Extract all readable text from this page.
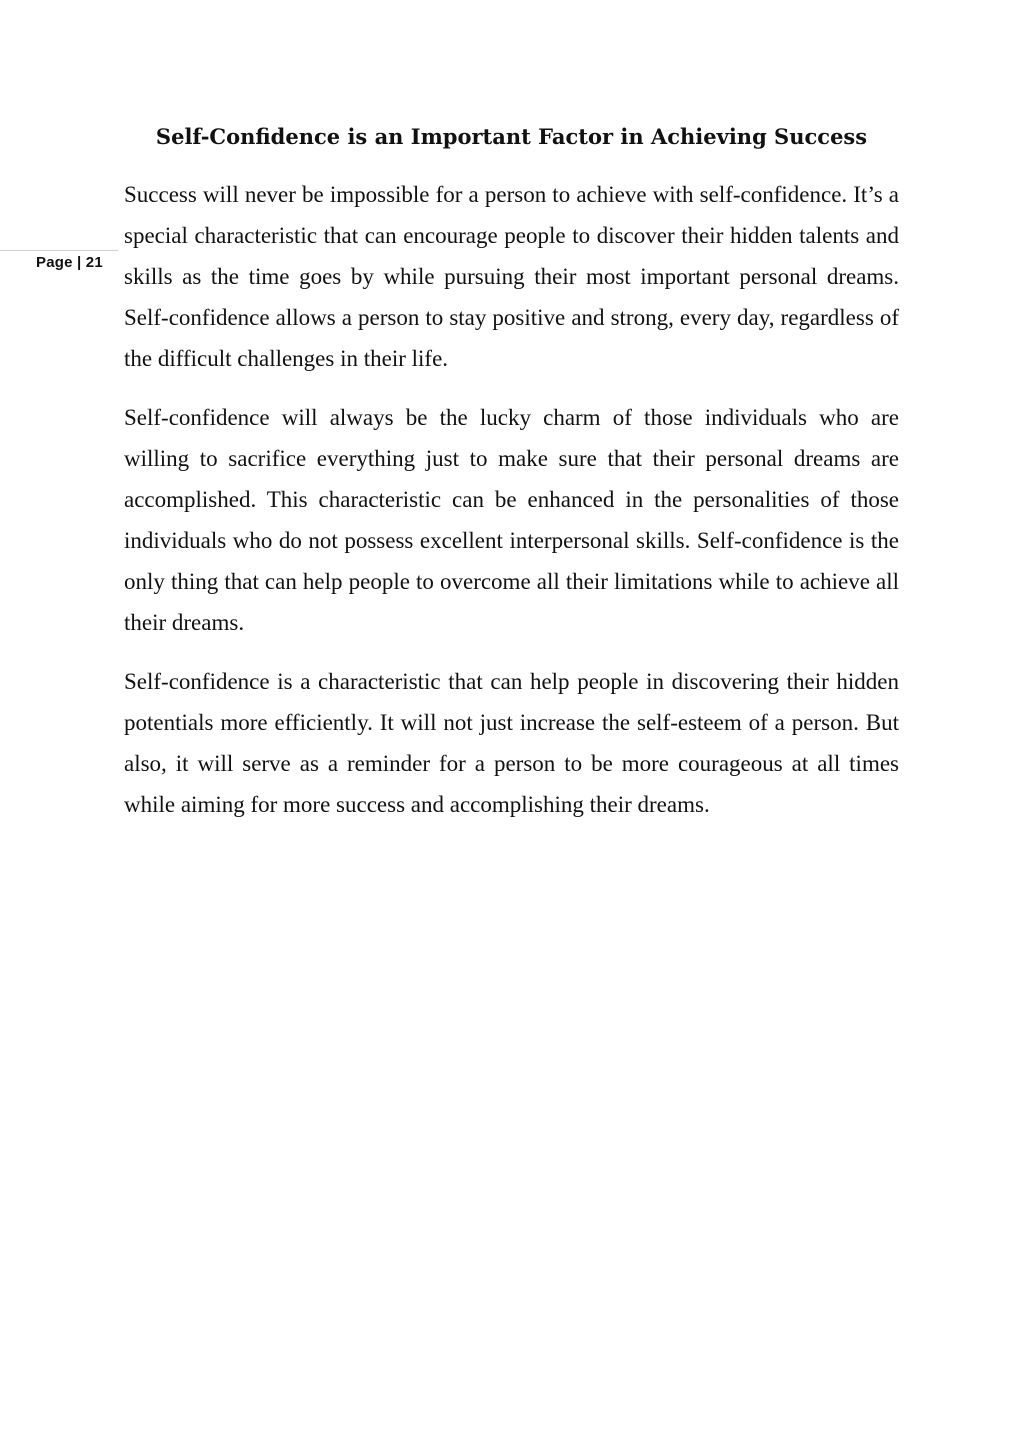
Page | 21
Self-Confidence is an Important Factor in Achieving Success

Success will never be impossible for a person to achieve with self-confidence. It’s a special characteristic that can encourage people to discover their hidden talents and skills as the time goes by while pursuing their most important personal dreams. Self-confidence allows a person to stay positive and strong, every day, regardless of the difficult challenges in their life.

Self-confidence will always be the lucky charm of those individuals who are willing to sacrifice everything just to make sure that their personal dreams are accomplished. This characteristic can be enhanced in the personalities of those individuals who do not possess excellent interpersonal skills. Self-confidence is the only thing that can help people to overcome all their limitations while to achieve all their dreams.

Self-confidence is a characteristic that can help people in discovering their hidden potentials more efficiently. It will not just increase the self-esteem of a person. But also, it will serve as a reminder for a person to be more courageous at all times while aiming for more success and accomplishing their dreams.
